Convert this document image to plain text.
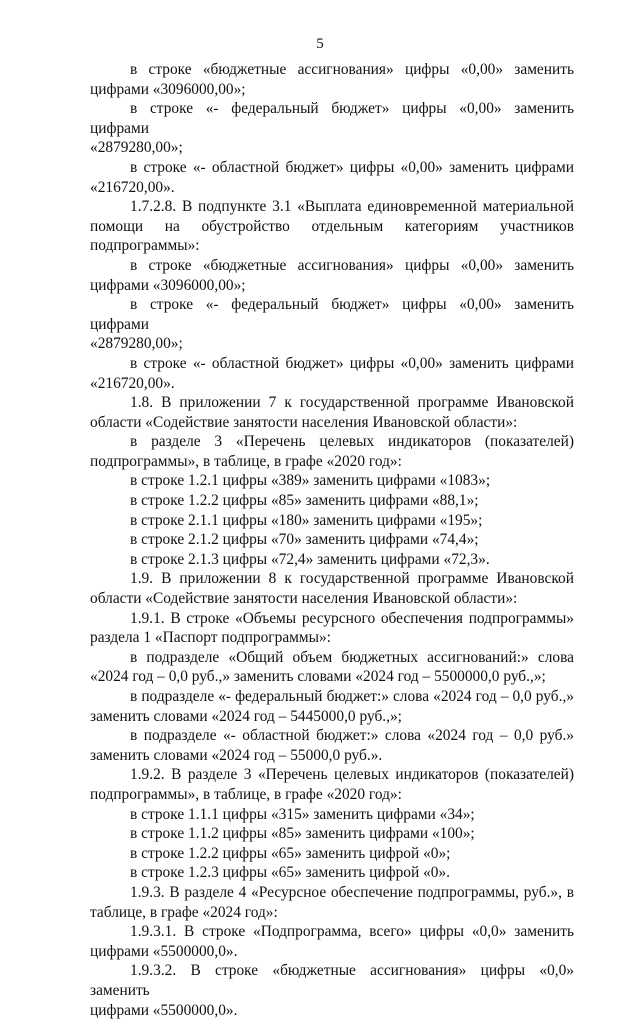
5

в строке «бюджетные ассигнования» цифры «0,00» заменить

цифрами «3096000,00»;

в строке «- федеральный бюджет» цифры «0,00» заменить цифрами

«2879280,00»;

в строке «- областной бюджет» цифры «0,00» заменить цифрами

«216720,00».

1.7.2.8. В подпункте 3.1 «Выплата единовременной материальной

помощи на обустройство отдельным категориям участников

подпрограммы»:

в строке «бюджетные ассигнования» цифры «0,00» заменить

цифрами «3096000,00»;

в строке «- федеральный бюджет» цифры «0,00» заменить цифрами

«2879280,00»;

в строке «- областной бюджет» цифры «0,00» заменить цифрами

«216720,00».

1.8. В приложении 7 к государственной программе Ивановской

области «Содействие занятости населения Ивановской области»:

в разделе 3 «Перечень целевых индикаторов (показателей)

подпрограммы», в таблице, в графе «2020 год»:

в строке 1.2.1 цифры «389» заменить цифрами «1083»;

в строке 1.2.2 цифры «85» заменить цифрами «88,1»;

в строке 2.1.1 цифры «180» заменить цифрами «195»;

в строке 2.1.2 цифры «70» заменить цифрами «74,4»;

в строке 2.1.3 цифры «72,4» заменить цифрами «72,3».

1.9. В приложении 8 к государственной программе Ивановской

области «Содействие занятости населения Ивановской области»:

1.9.1. В строке «Объемы ресурсного обеспечения подпрограммы»

раздела 1 «Паспорт подпрограммы»:

в подразделе «Общий объем бюджетных ассигнований:» слова

«2024 год – 0,0 руб.,» заменить словами «2024 год – 5500000,0 руб.,»;

в подразделе «- федеральный бюджет:» слова «2024 год – 0,0 руб.,»

заменить словами «2024 год – 5445000,0 руб.,»;

в подразделе «- областной бюджет:» слова «2024 год – 0,0 руб.»

заменить словами «2024 год – 55000,0 руб.».

1.9.2. В разделе 3 «Перечень целевых индикаторов (показателей)

подпрограммы», в таблице, в графе «2020 год»:

в строке 1.1.1 цифры «315» заменить цифрами «34»;

в строке 1.1.2 цифры «85» заменить цифрами «100»;

в строке 1.2.2 цифры «65» заменить цифрой «0»;

в строке 1.2.3 цифры «65» заменить цифрой «0».

1.9.3. В разделе 4 «Ресурсное обеспечение подпрограммы, руб.», в

таблице, в графе «2024 год»:

1.9.3.1. В строке «Подпрограмма, всего» цифры «0,0» заменить

цифрами «5500000,0».

1.9.3.2. В строке «бюджетные ассигнования» цифры «0,0» заменить

цифрами «5500000,0».
